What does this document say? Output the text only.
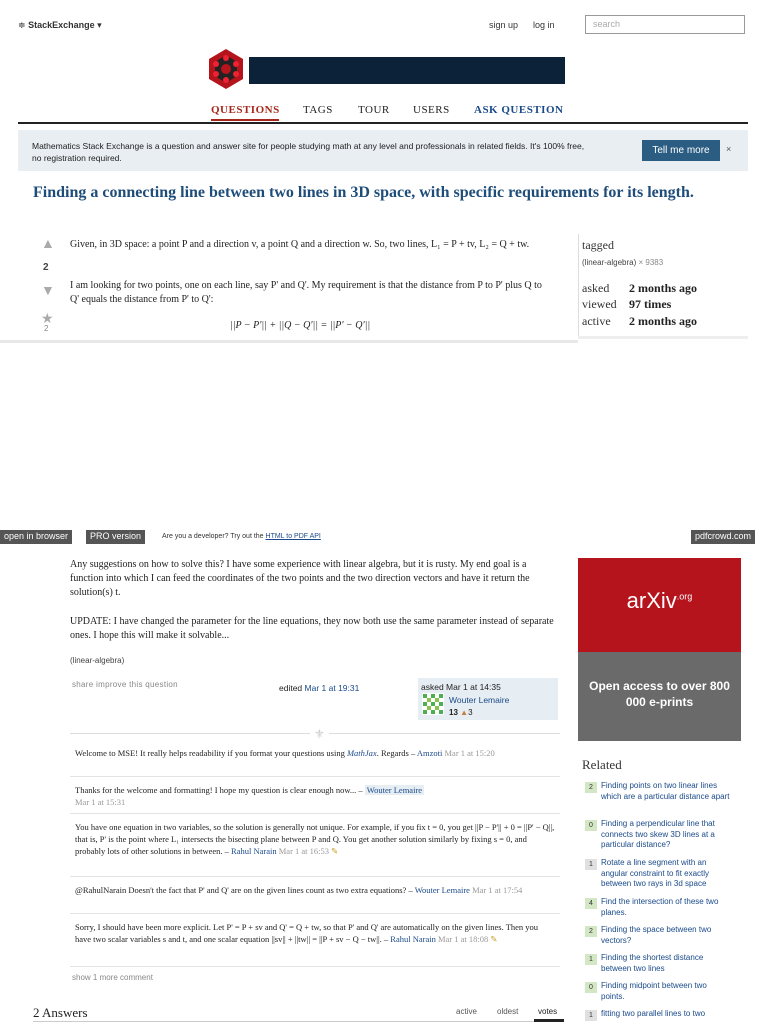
≑ StackExchange ▾	sign up log in	search
QUESTIONS TAGS TOUR USERS ASK QUESTION
Mathematics Stack Exchange is a question and answer site for people studying math at any level and professionals in related fields. It's 100% free, no registration required.
Tell me more	×
Finding a connecting line between two lines in 3D space, with specific requirements for its length.
▲
2
▼
★
2
Given, in 3D space: a point P and a direction v, a point Q and a direction w. So, two lines, L₁ = P + tv, L₂ = Q + tw.
I am looking for two points, one on each line, say P' and Q'. My requirement is that the distance from P to P' plus Q to Q' equals the distance from P' to Q':
||P − P'|| + ||Q − Q'|| = ||P' − Q'||
tagged
(linear-algebra) × 9383
asked 2 months ago
viewed 97 times
active 2 months ago
open in browser	PRO version	Are you a developer? Try out the HTML to PDF API	pdfcrowd.com
Any suggestions on how to solve this? I have some experience with linear algebra, but it is rusty. My end goal is a function into which I can feed the coordinates of the two points and the two direction vectors and have it return the solution(s) t.
UPDATE: I have changed the parameter for the line equations, they now both use the same parameter instead of separate ones. I hope this will make it solvable...
(linear-algebra)
share improve this question	edited Mar 1 at 19:31	asked Mar 1 at 14:35
Wouter Lemaire
13 ▲3
⚜
Welcome to MSE! It really helps readability if you format your questions using MathJax. Regards – Amzoti Mar 1 at 15:20
Thanks for the welcome and formatting! I hope my question is clear enough now... – Wouter Lemaire
Mar 1 at 15:31
You have one equation in two variables, so the solution is generally not unique. For example, if you fix t = 0, you get ||P − P'|| + 0 = ||P' − Q||, that is, P' is the point where L₁ intersects the bisecting plane between P and Q. You get another solution similarly by fixing s = 0, and probably lots of other solutions in between. – Rahul Narain Mar 1 at 16:53 ✎
@RahulNarain Doesn't the fact that P' and Q' are on the given lines count as two extra equations? – Wouter Lemaire Mar 1 at 17:54
Sorry, I should have been more explicit. Let P' = P + sv and Q' = Q + tw, so that P' and Q' are automatically on the given lines. Then you have two scalar variables s and t, and one scalar equation ||sv|| + ||tw|| = ||P + sv − Q − tw||. – Rahul Narain Mar 1 at 18:08 ✎
show 1 more comment
2 Answers	active	oldest votes
arXiv$^{.org}$
Open access to over 800 000 e-prints
Related
2	Finding points on two linear lines which are a particular distance apart
0	Finding a perpendicular line that connects two skew 3D lines at a particular distance?
1	Rotate a line segment with an angular constraint to fit exactly between two rays in 3d space
4	Find the intersection of these two planes.
2	Finding the space between two vectors?
1	Finding the shortest distance between two lines
0	Finding midpoint between two points.
1	fitting two parallel lines to two
